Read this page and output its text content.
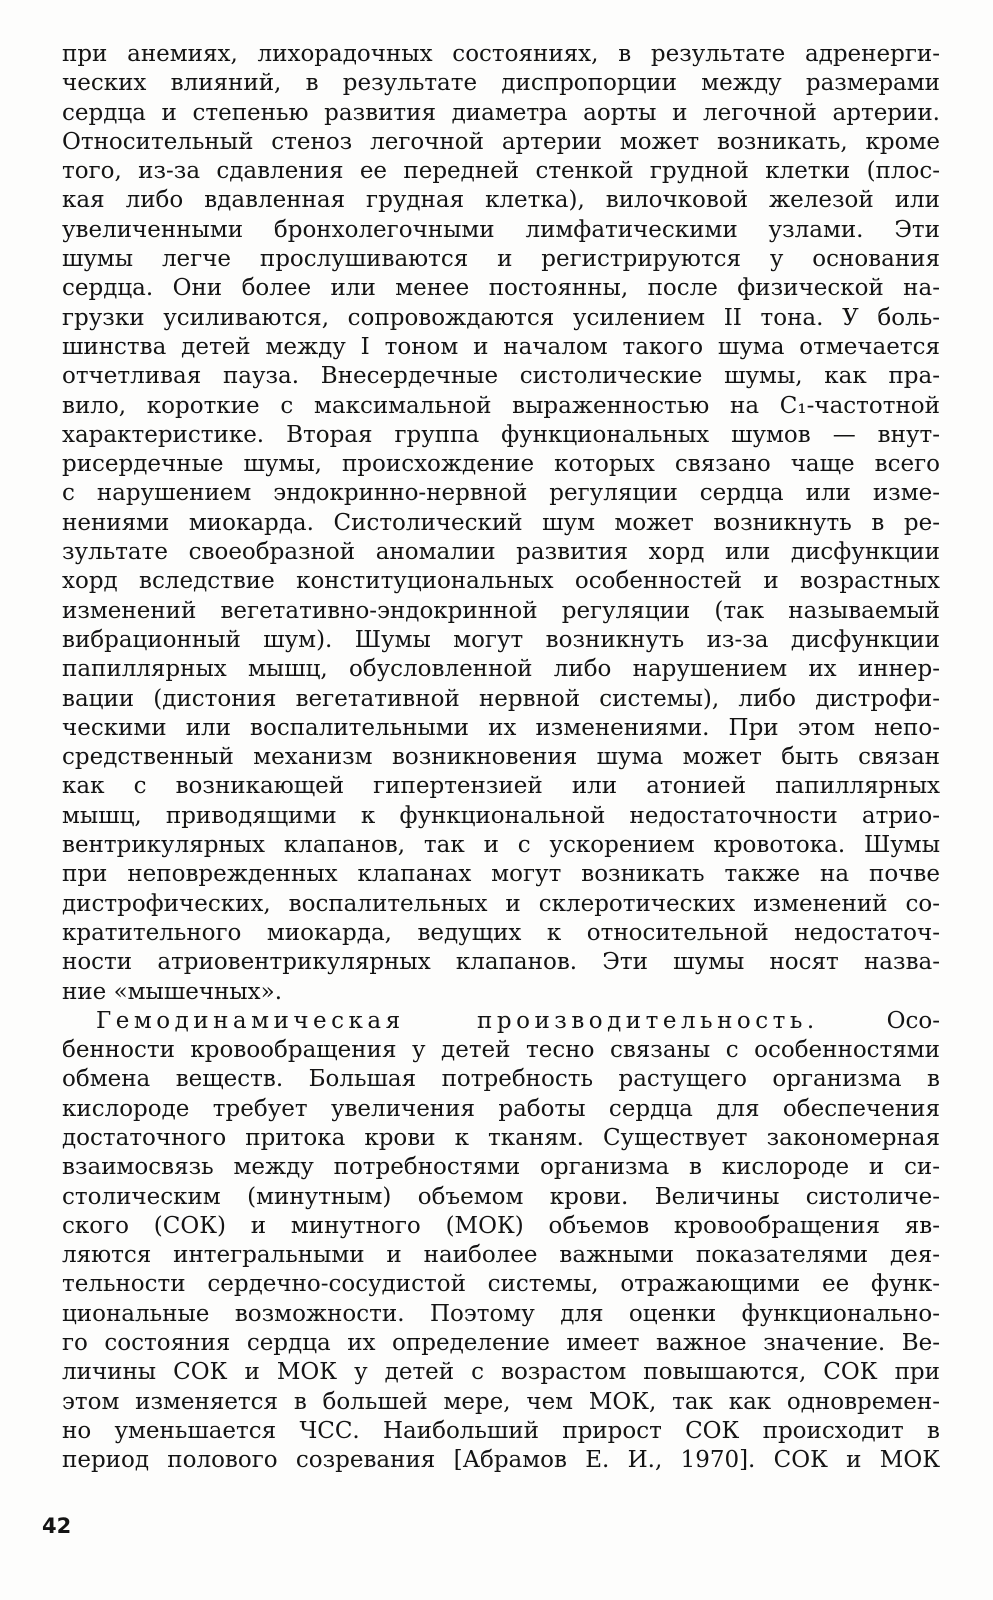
при анемиях, лихорадочных состояниях, в результате адренерги-
ческих влияний, в результате диспропорции между размерами
сердца и степенью развития диаметра аорты и легочной артерии.
Относительный стеноз легочной артерии может возникать, кроме
того, из-за сдавления ее передней стенкой грудной клетки (плос-
кая либо вдавленная грудная клетка), вилочковой железой или
увеличенными бронхолегочными лимфатическими узлами. Эти
шумы легче прослушиваются и регистрируются у основания
сердца. Они более или менее постоянны, после физической на-
грузки усиливаются, сопровождаются усилением II тона. У боль-
шинства детей между I тоном и началом такого шума отмечается
отчетливая пауза. Внесердечные систолические шумы, как пра-
вило, короткие с максимальной выраженностью на C₁-частотной
характеристике. Вторая группа функциональных шумов — внут-
рисердечные шумы, происхождение которых связано чаще всего
с нарушением эндокринно-нервной регуляции сердца или изме-
нениями миокарда. Систолический шум может возникнуть в ре-
зультате своеобразной аномалии развития хорд или дисфункции
хорд вследствие конституциональных особенностей и возрастных
изменений вегетативно-эндокринной регуляции (так называемый
вибрационный шум). Шумы могут возникнуть из-за дисфункции
папиллярных мышц, обусловленной либо нарушением их иннер-
вации (дистония вегетативной нервной системы), либо дистрофи-
ческими или воспалительными их изменениями. При этом непо-
средственный механизм возникновения шума может быть связан
как с возникающей гипертензией или атонией папиллярных
мышц, приводящими к функциональной недостаточности атрио-
вентрикулярных клапанов, так и с ускорением кровотока. Шумы
при неповрежденных клапанах могут возникать также на почве
дистрофических, воспалительных и склеротических изменений со-
кратительного миокарда, ведущих к относительной недостаточ-
ности атриовентрикулярных клапанов. Эти шумы носят назва-
ние «мышечных».
Гемодинамическая производительность.	Осо-
бенности кровообращения у детей тесно связаны с особенностями
обмена веществ. Большая потребность растущего организма в
кислороде требует увеличения работы сердца для обеспечения
достаточного притока крови к тканям. Существует закономерная
взаимосвязь между потребностями организма в кислороде и си-
столическим (минутным) объемом крови. Величины систоличе-
ского (СОК) и минутного (МОК) объемов кровообращения яв-
ляются интегральными и наиболее важными показателями дея-
тельности сердечно-сосудистой системы, отражающими ее функ-
циональные возможности. Поэтому для оценки функционально-
го состояния сердца их определение имеет важное значение. Ве-
личины СОК и МОК у детей с возрастом повышаются, СОК при
этом изменяется в большей мере, чем МОК, так как одновремен-
но уменьшается ЧСС. Наибольший прирост СОК происходит в
период полового созревания [Абрамов Е. И., 1970]. СОК и МОК
42
